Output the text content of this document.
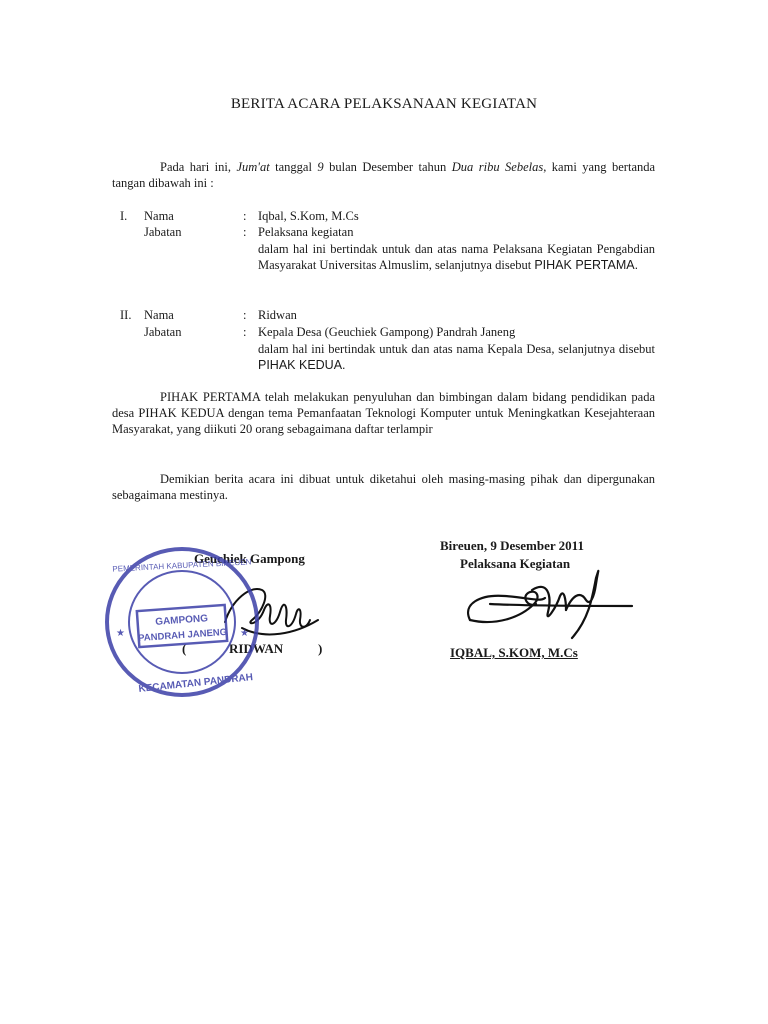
BERITA ACARA PELAKSANAAN KEGIATAN
Pada hari ini, Jum'at tanggal 9 bulan Desember tahun Dua ribu Sebelas, kami yang bertanda tangan dibawah ini :
I. Nama	: Iqbal, S.Kom, M.Cs
Jabatan	: Pelaksana kegiatan
dalam hal ini bertindak untuk dan atas nama Pelaksana Kegiatan Pengabdian Masyarakat Universitas Almuslim, selanjutnya disebut PIHAK PERTAMA.
II. Nama	: Ridwan
Jabatan	: Kepala Desa (Geuchiek Gampong) Pandrah Janeng
dalam hal ini bertindak untuk dan atas nama Kepala Desa, selanjutnya disebut PIHAK KEDUA.
PIHAK PERTAMA telah melakukan penyuluhan dan bimbingan dalam bidang pendidikan pada desa PIHAK KEDUA dengan tema Pemanfaatan Teknologi Komputer untuk Meningkatkan Kesejahteraan Masyarakat, yang diikuti 20 orang sebagaimana daftar terlampir
Demikian berita acara ini dibuat untuk diketahui oleh masing-masing pihak dan dipergunakan sebagaimana mestinya.
Geuchiek Gampong
(	RIDWAN	)
PEMERINTAH KABUPATEN BIREUEN
GAMPONG
PANDRAH JANENG
KECAMATAN PANDRAH
★	★
Bireuen, 9 Desember 2011
Pelaksana Kegiatan
IQBAL, S.KOM, M.Cs
